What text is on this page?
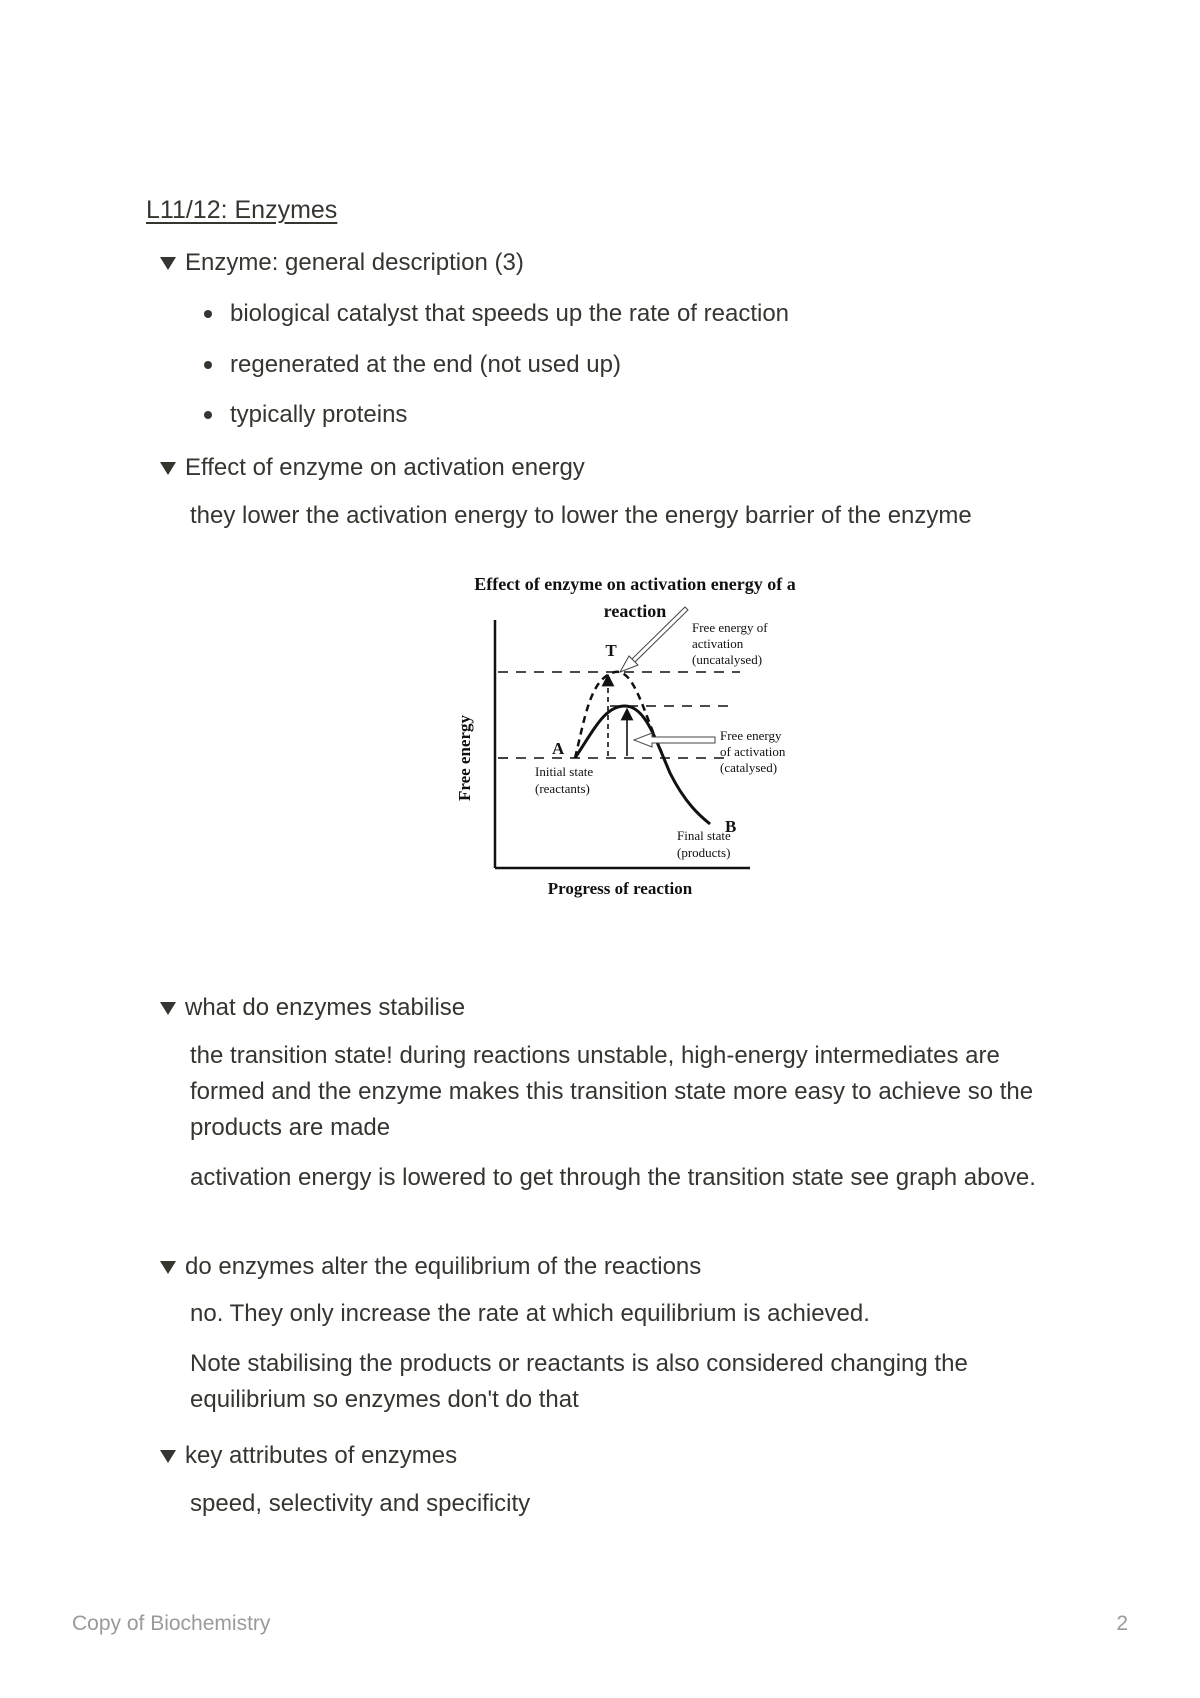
L11/12: Enzymes
Enzyme: general description (3)
biological catalyst that speeds up the rate of reaction
regenerated at the end (not used up)
typically proteins
Effect of enzyme on activation energy
they lower the activation energy to lower the energy barrier of the enzyme
Effect of enzyme on activation energy of a
reaction
Free energy
Progress of reaction
T
A
B
Initial state
(reactants)
Final state
(products)
Free energy of
activation
(uncatalysed)
Free energy
of activation
(catalysed)
what do enzymes stabilise
the transition state! during reactions unstable, high-energy intermediates are formed and the enzyme makes this transition state more easy to achieve so the products are made
activation energy is lowered to get through the transition state see graph above.
do enzymes alter the equilibrium of the reactions
no. They only increase the rate at which equilibrium is achieved.
Note stabilising the products or reactants is also considered changing the equilibrium so enzymes don't do that
key attributes of enzymes
speed, selectivity and specificity
Copy of Biochemistry	2
